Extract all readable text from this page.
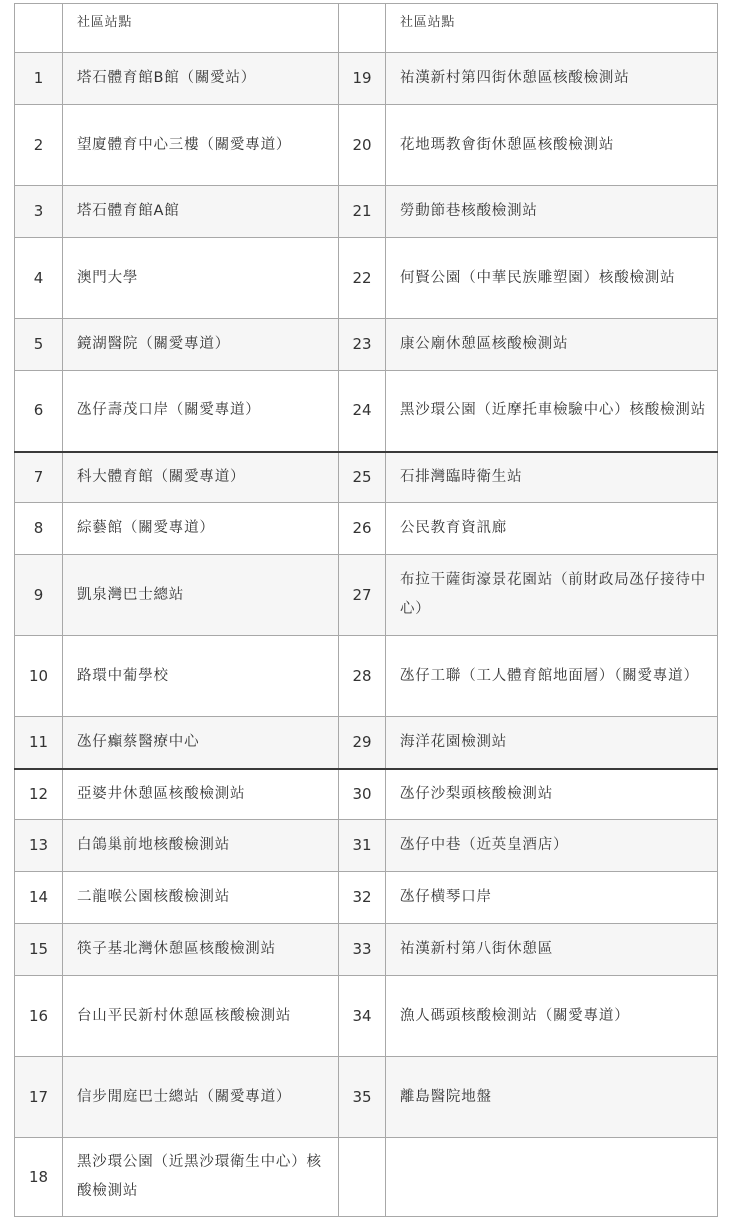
	社區站點		社區站點
1	塔石體育館B館（關愛站）	19	祐漢新村第四街休憩區核酸檢測站
2	望廈體育中心三樓（關愛專道）	20	花地瑪教會街休憩區核酸檢測站
3	塔石體育館A館	21	勞動節巷核酸檢測站
4	澳門大學	22	何賢公園（中華民族雕塑園）核酸檢測站
5	鏡湖醫院（關愛專道）	23	康公廟休憩區核酸檢測站
6	氹仔壽茂口岸（關愛專道）	24	黑沙環公園（近摩托車檢驗中心）核酸檢測站
7	科大體育館（關愛專道）	25	石排灣臨時衛生站
8	綜藝館（關愛專道）	26	公民教育資訊廊
9	凱泉灣巴士總站	27	布拉干薩街濠景花園站（前財政局氹仔接待中心）
10	路環中葡學校	28	氹仔工聯（工人體育館地面層）（關愛專道）
11	氹仔癲蔡醫療中心	29	海洋花園檢測站
12	亞婆井休憩區核酸檢測站	30	氹仔沙梨頭核酸檢測站
13	白鴿巢前地核酸檢測站	31	氹仔中巷（近英皇酒店）
14	二龍喉公園核酸檢測站	32	氹仔横琴口岸
15	筷子基北灣休憩區核酸檢測站	33	祐漢新村第八街休憩區
16	台山平民新村休憩區核酸檢測站	34	漁人碼頭核酸檢測站（關愛專道）
17	信步閒庭巴士總站（關愛專道）	35	離島醫院地盤
18	黑沙環公園（近黑沙環衛生中心）核酸檢測站		
